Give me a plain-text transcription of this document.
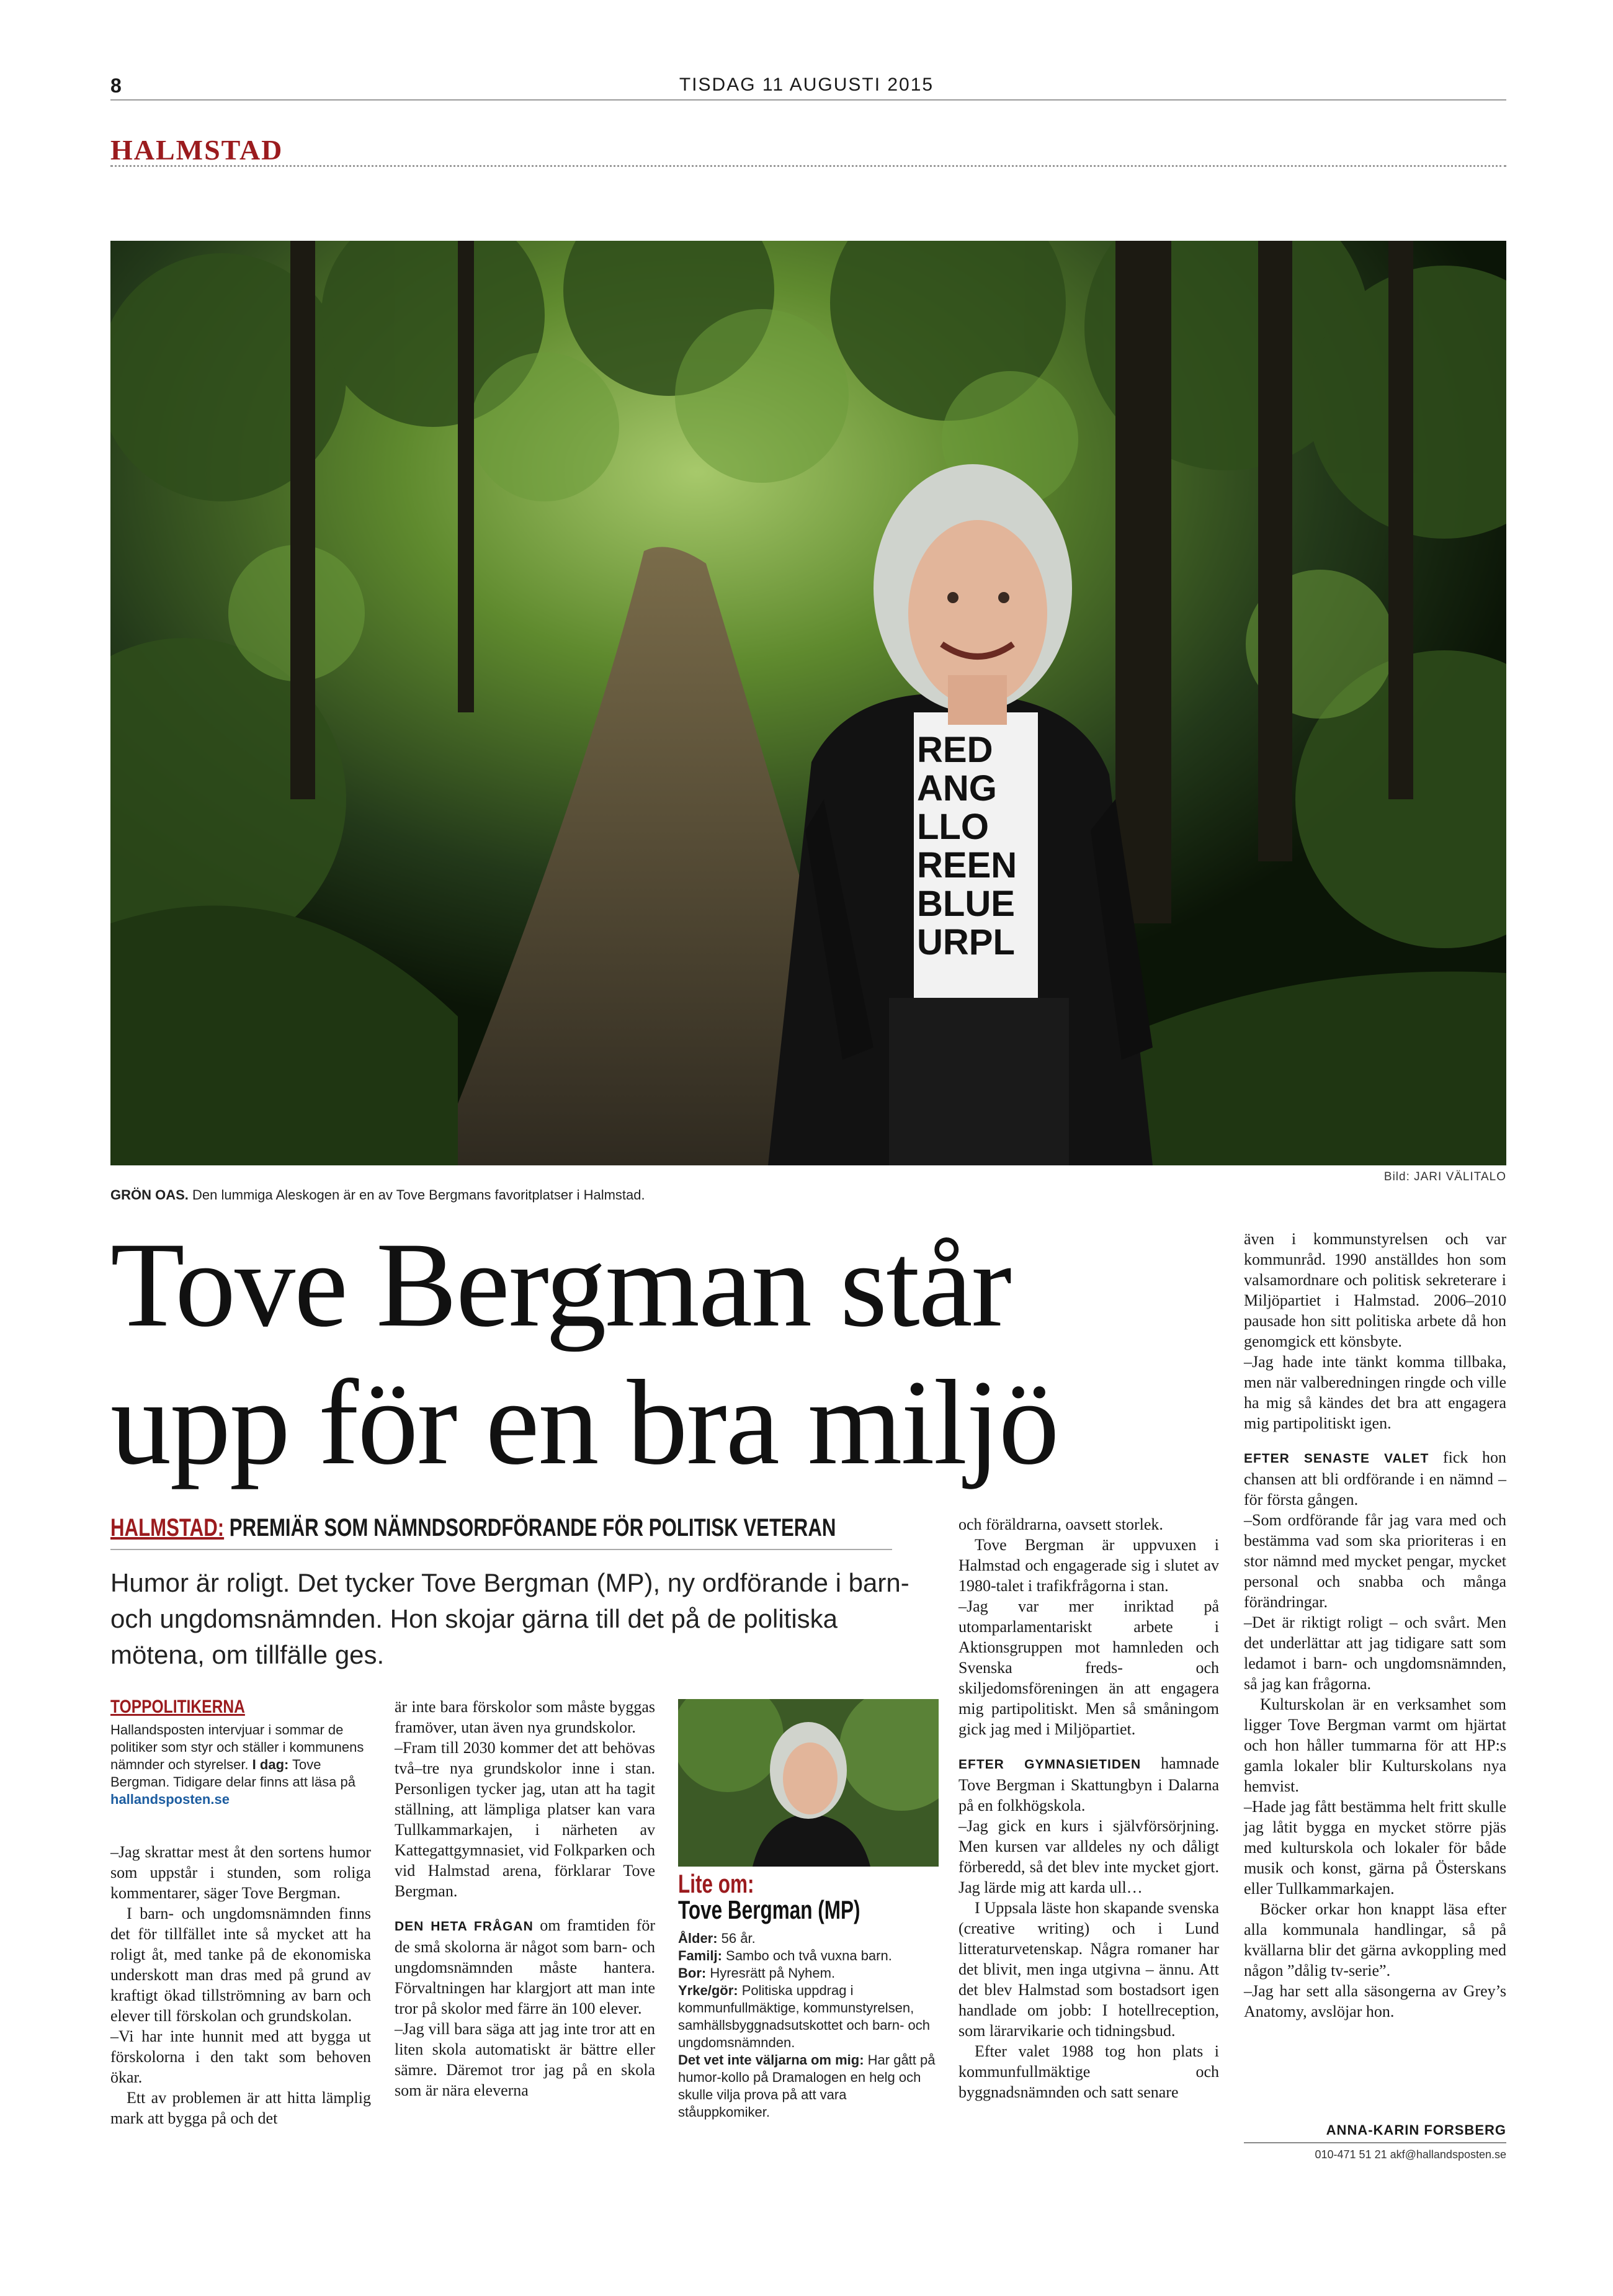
8	TISDAG 11 AUGUSTI 2015
HALMSTAD
RED
ANG
LLO
REEN
BLUE
URPL
Bild: JARI VÄLITALO
GRÖN OAS. Den lummiga Aleskogen är en av Tove Bergmans favoritplatser i Halmstad.
Tove Bergman står
upp för en bra miljö
HALMSTAD: PREMIÄR SOM NÄMNDSORDFÖRANDE FÖR POLITISK VETERAN
Humor är roligt. Det tycker Tove Bergman (MP), ny ordförande i barn- och ungdomsnämnden. Hon skojar gärna till det på de politiska mötena, om tillfälle ges.
TOPPOLITIKERNA
Hallandsposten intervjuar i sommar de politiker som styr och ställer i kommunens nämnder och styrelser. I dag: Tove Bergman. Tidigare delar finns att läsa på hallandsposten.se

–Jag skrattar mest åt den sortens humor som uppstår i stunden, som roliga kommentarer, säger Tove Bergman.

I barn- och ungdomsnämnden finns det för tillfället inte så mycket att ha roligt åt, med tanke på de ekonomiska underskott man dras med på grund av kraftigt ökad tillströmning av barn och elever till förskolan och grundskolan.

–Vi har inte hunnit med att bygga ut förskolorna i den takt som behoven ökar.

Ett av problemen är att hitta lämplig mark att bygga på och det

är inte bara förskolor som måste byggas framöver, utan även nya grundskolor.

–Fram till 2030 kommer det att behövas två–tre nya grundskolor inne i stan. Personligen tycker jag, utan att ha tagit ställning, att lämpliga platser kan vara Tullkammarkajen, i närheten av Kattegattgymnasiet, vid Folkparken och vid Halmstad arena, förklarar Tove Bergman.

DEN HETA FRÅGAN om framtiden för de små skolorna är något som barn- och ungdomsnämnden måste hantera. Förvaltningen har klargjort att man inte tror på skolor med färre än 100 elever.

–Jag vill bara säga att jag inte tror att en liten skola automatiskt är bättre eller sämre. Däremot tror jag på en skola som är nära eleverna

Lite om:
Tove Bergman (MP)
Ålder: 56 år.
Familj: Sambo och två vuxna barn.
Bor: Hyresrätt på Nyhem.
Yrke/gör: Politiska uppdrag i kommunfullmäktige, kommunstyrelsen, samhällsbyggnadsutskottet och barn- och ungdomsnämnden.
Det vet inte väljarna om mig: Har gått på humor-kollo på Dramalogen en helg och skulle vilja prova på att vara ståuppkomiker.

och föräldrarna, oavsett storlek.

Tove Bergman är uppvuxen i Halmstad och engagerade sig i slutet av 1980-talet i trafikfrågorna i stan.

–Jag var mer inriktad på utomparlamentariskt arbete i Aktionsgruppen mot hamnleden och Svenska freds- och skiljedomsföreningen än att engagera mig partipolitiskt. Men så småningom gick jag med i Miljöpartiet.

EFTER GYMNASIETIDEN hamnade Tove Bergman i Skattungbyn i Dalarna på en folkhögskola.

–Jag gick en kurs i självförsörjning. Men kursen var alldeles ny och dåligt förberedd, så det blev inte mycket gjort. Jag lärde mig att karda ull…

I Uppsala läste hon skapande svenska (creative writing) och i Lund litteraturvetenskap. Några romaner har det blivit, men inga utgivna – ännu. Att det blev Halmstad som bostadsort igen handlade om jobb: I hotellreception, som lärarvikarie och tidningsbud.

Efter valet 1988 tog hon plats i kommunfullmäktige och byggnadsnämnden och satt senare

även i kommunstyrelsen och var kommunråd. 1990 anställdes hon som valsamordnare och politisk sekreterare i Miljöpartiet i Halmstad. 2006–2010 pausade hon sitt politiska arbete då hon genomgick ett könsbyte.

–Jag hade inte tänkt komma tillbaka, men när valberedningen ringde och ville ha mig så kändes det bra att engagera mig partipolitiskt igen.

EFTER SENASTE VALET fick hon chansen att bli ordförande i en nämnd – för första gången.

–Som ordförande får jag vara med och bestämma vad som ska prioriteras i en stor nämnd med mycket pengar, mycket personal och snabba och många förändringar.

–Det är riktigt roligt – och svårt. Men det underlättar att jag tidigare satt som ledamot i barn- och ungdomsnämnden, så jag kan frågorna.

Kulturskolan är en verksamhet som ligger Tove Bergman varmt om hjärtat och hon håller tummarna för att HP:s gamla lokaler blir Kulturskolans nya hemvist.

–Hade jag fått bestämma helt fritt skulle jag låtit bygga en mycket större pjäs med kulturskola och lokaler för både musik och konst, gärna på Österskans eller Tullkammarkajen.

Böcker orkar hon knappt läsa efter alla kommunala handlingar, så på kvällarna blir det gärna avkoppling med någon ”dålig tv-serie”.

–Jag har sett alla säsongerna av Grey’s Anatomy, avslöjar hon.

ANNA-KARIN FORSBERG
010-471 51 21 akf@hallandsposten.se
